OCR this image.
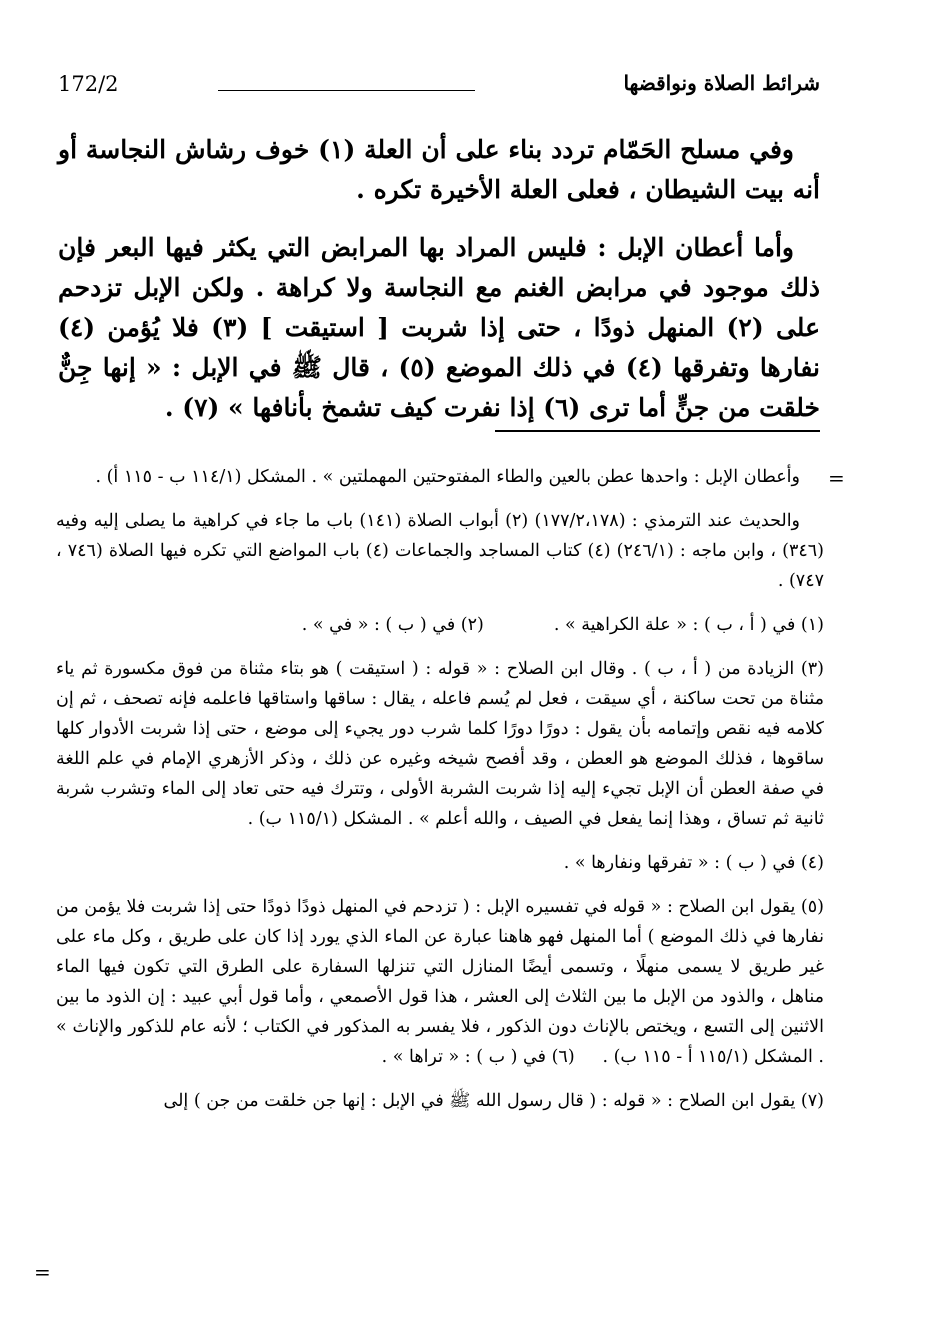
172/2	شرائط الصلاة ونواقضها

وفي مسلح الحَمّام تردد بناء على أن العلة (١) خوف رشاش النجاسة أو أنه بيت الشيطان ، فعلى العلة الأخيرة تكره .

وأما أعطان الإبل : فليس المراد بها المرابض التي يكثر فيها البعر فإن ذلك موجود في مرابض الغنم مع النجاسة ولا كراهة . ولكن الإبل تزدحم على (٢) المنهل ذودًا ، حتى إذا شربت [ استيقت ] (٣) فلا يُؤمن (٤) نفارها وتفرقها (٤) في ذلك الموضع (٥) ، قال ﷺ في الإبل : « إنها جِنٌّ خلقت من جنٍّ أما ترى (٦) إذا نفرت كيف تشمخ بأنافها » (٧) .

=

وأعطان الإبل : واحدها عطن بالعين والطاء المفتوحتين المهملتين » . المشكل (١١٤/١ ب - ١١٥ أ) .

والحديث عند الترمذي : (١٧٧/٢،١٧٨) (٢) أبواب الصلاة (١٤١) باب ما جاء في كراهية ما يصلى إليه وفيه (٣٤٦) ، وابن ماجه : (٢٤٦/١) (٤) كتاب المساجد والجماعات (٤) باب المواضع التي تكره فيها الصلاة (٧٤٦ ، ٧٤٧) .

(١) في ( أ ، ب ) : « علة الكراهية » .
(٢) في ( ب ) : « في » .

(٣) الزيادة من ( أ ، ب ) . وقال ابن الصلاح : « قوله : ( استيقت ) هو بتاء مثناة من فوق مكسورة ثم ياء مثناة من تحت ساكنة ، أي سيقت ، فعل لم يُسم فاعله ، يقال : ساقها واستاقها فاعلمه فإنه تصحف ، ثم إن كلامه فيه نقص وإتمامه بأن يقول : دورًا دورًا كلما شرب دور يجيء إلى موضع ، حتى إذا شربت الأدوار كلها ساقوها ، فذلك الموضع هو العطن ، وقد أفصح شيخه وغيره عن ذلك ، وذكر الأزهري الإمام في علم اللغة في صفة العطن أن الإبل تجيء إليه إذا شربت الشربة الأولى ، وتترك فيه حتى تعاد إلى الماء وتشرب شربة ثانية ثم تساق ، وهذا إنما يفعل في الصيف ، والله أعلم » . المشكل (١١٥/١ ب) .

(٤) في ( ب ) : « تفرقها ونفارها » .

(٥) يقول ابن الصلاح : « قوله في تفسيره الإبل : ( تزدحم في المنهل ذودًا ذودًا حتى إذا شربت فلا يؤمن من نفارها في ذلك الموضع ) أما المنهل فهو هاهنا عبارة عن الماء الذي يورد إذا كان على طريق ، وكل ماء على غير طريق لا يسمى منهلًا ، وتسمى أيضًا المنازل التي تنزلها السفارة على الطرق التي تكون فيها الماء مناهل ، والذود من الإبل ما بين الثلاث إلى العشر ، هذا قول الأصمعي ، وأما قول أبي عبيد : إن الذود ما بين الاثنين إلى التسع ، ويختص بالإناث دون الذكور ، فلا يفسر به المذكور في الكتاب ؛ لأنه عام للذكور والإناث » . المشكل (١١٥/١ أ - ١١٥ ب) .     (٦) في ( ب ) : « تراها » .

(٧) يقول ابن الصلاح : « قوله : ( قال رسول الله ﷺ في الإبل : إنها جن خلقت من جن ) إلى

=
